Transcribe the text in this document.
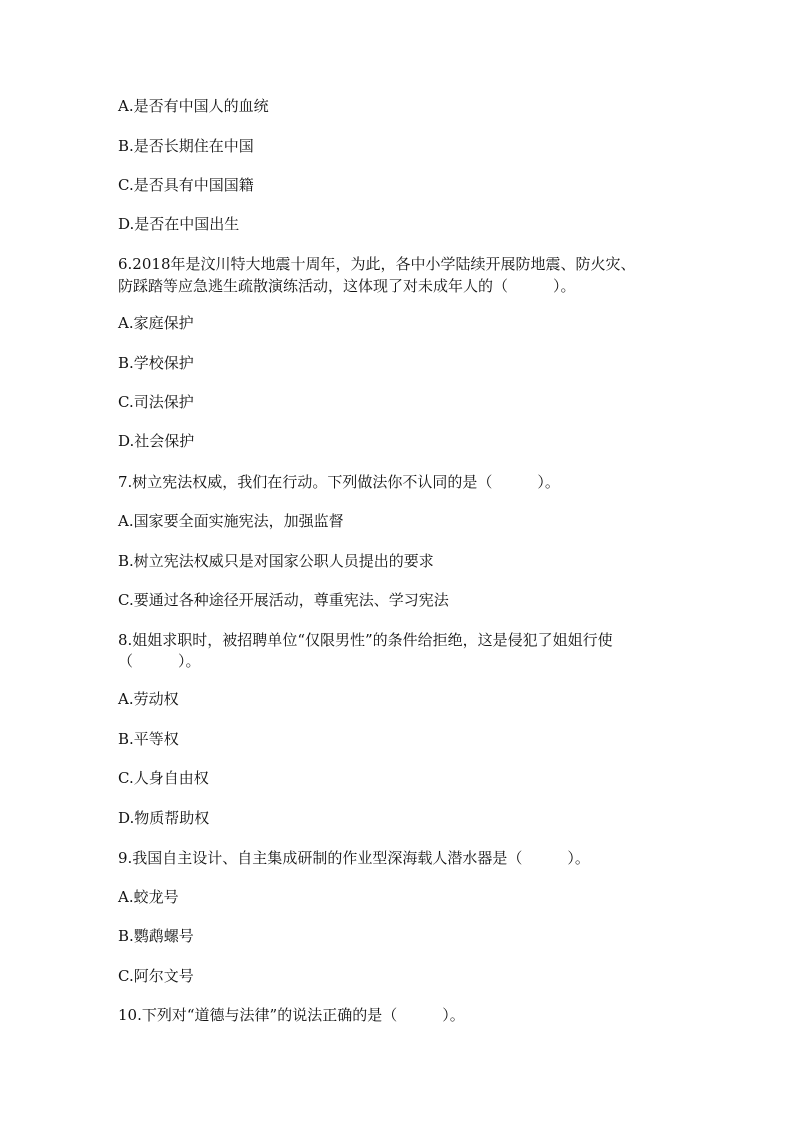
A.是否有中国人的血统
B.是否长期住在中国
C.是否具有中国国籍
D.是否在中国出生
6.2018年是汶川特大地震十周年，为此，各中小学陆续开展防地震、防火灾、
防踩踏等应急逃生疏散演练活动，这体现了对未成年人的（　　　）。
A.家庭保护
B.学校保护
C.司法保护
D.社会保护
7.树立宪法权威，我们在行动。下列做法你不认同的是（　　　）。
A.国家要全面实施宪法，加强监督
B.树立宪法权威只是对国家公职人员提出的要求
C.要通过各种途径开展活动，尊重宪法、学习宪法
8.姐姐求职时，被招聘单位“仅限男性”的条件给拒绝，这是侵犯了姐姐行使
（　　　）。
A.劳动权
B.平等权
C.人身自由权
D.物质帮助权
9.我国自主设计、自主集成研制的作业型深海载人潜水器是（　　　）。
A.蛟龙号
B.鹦鹉螺号
C.阿尔文号
10.下列对“道德与法律”的说法正确的是（　　　）。
